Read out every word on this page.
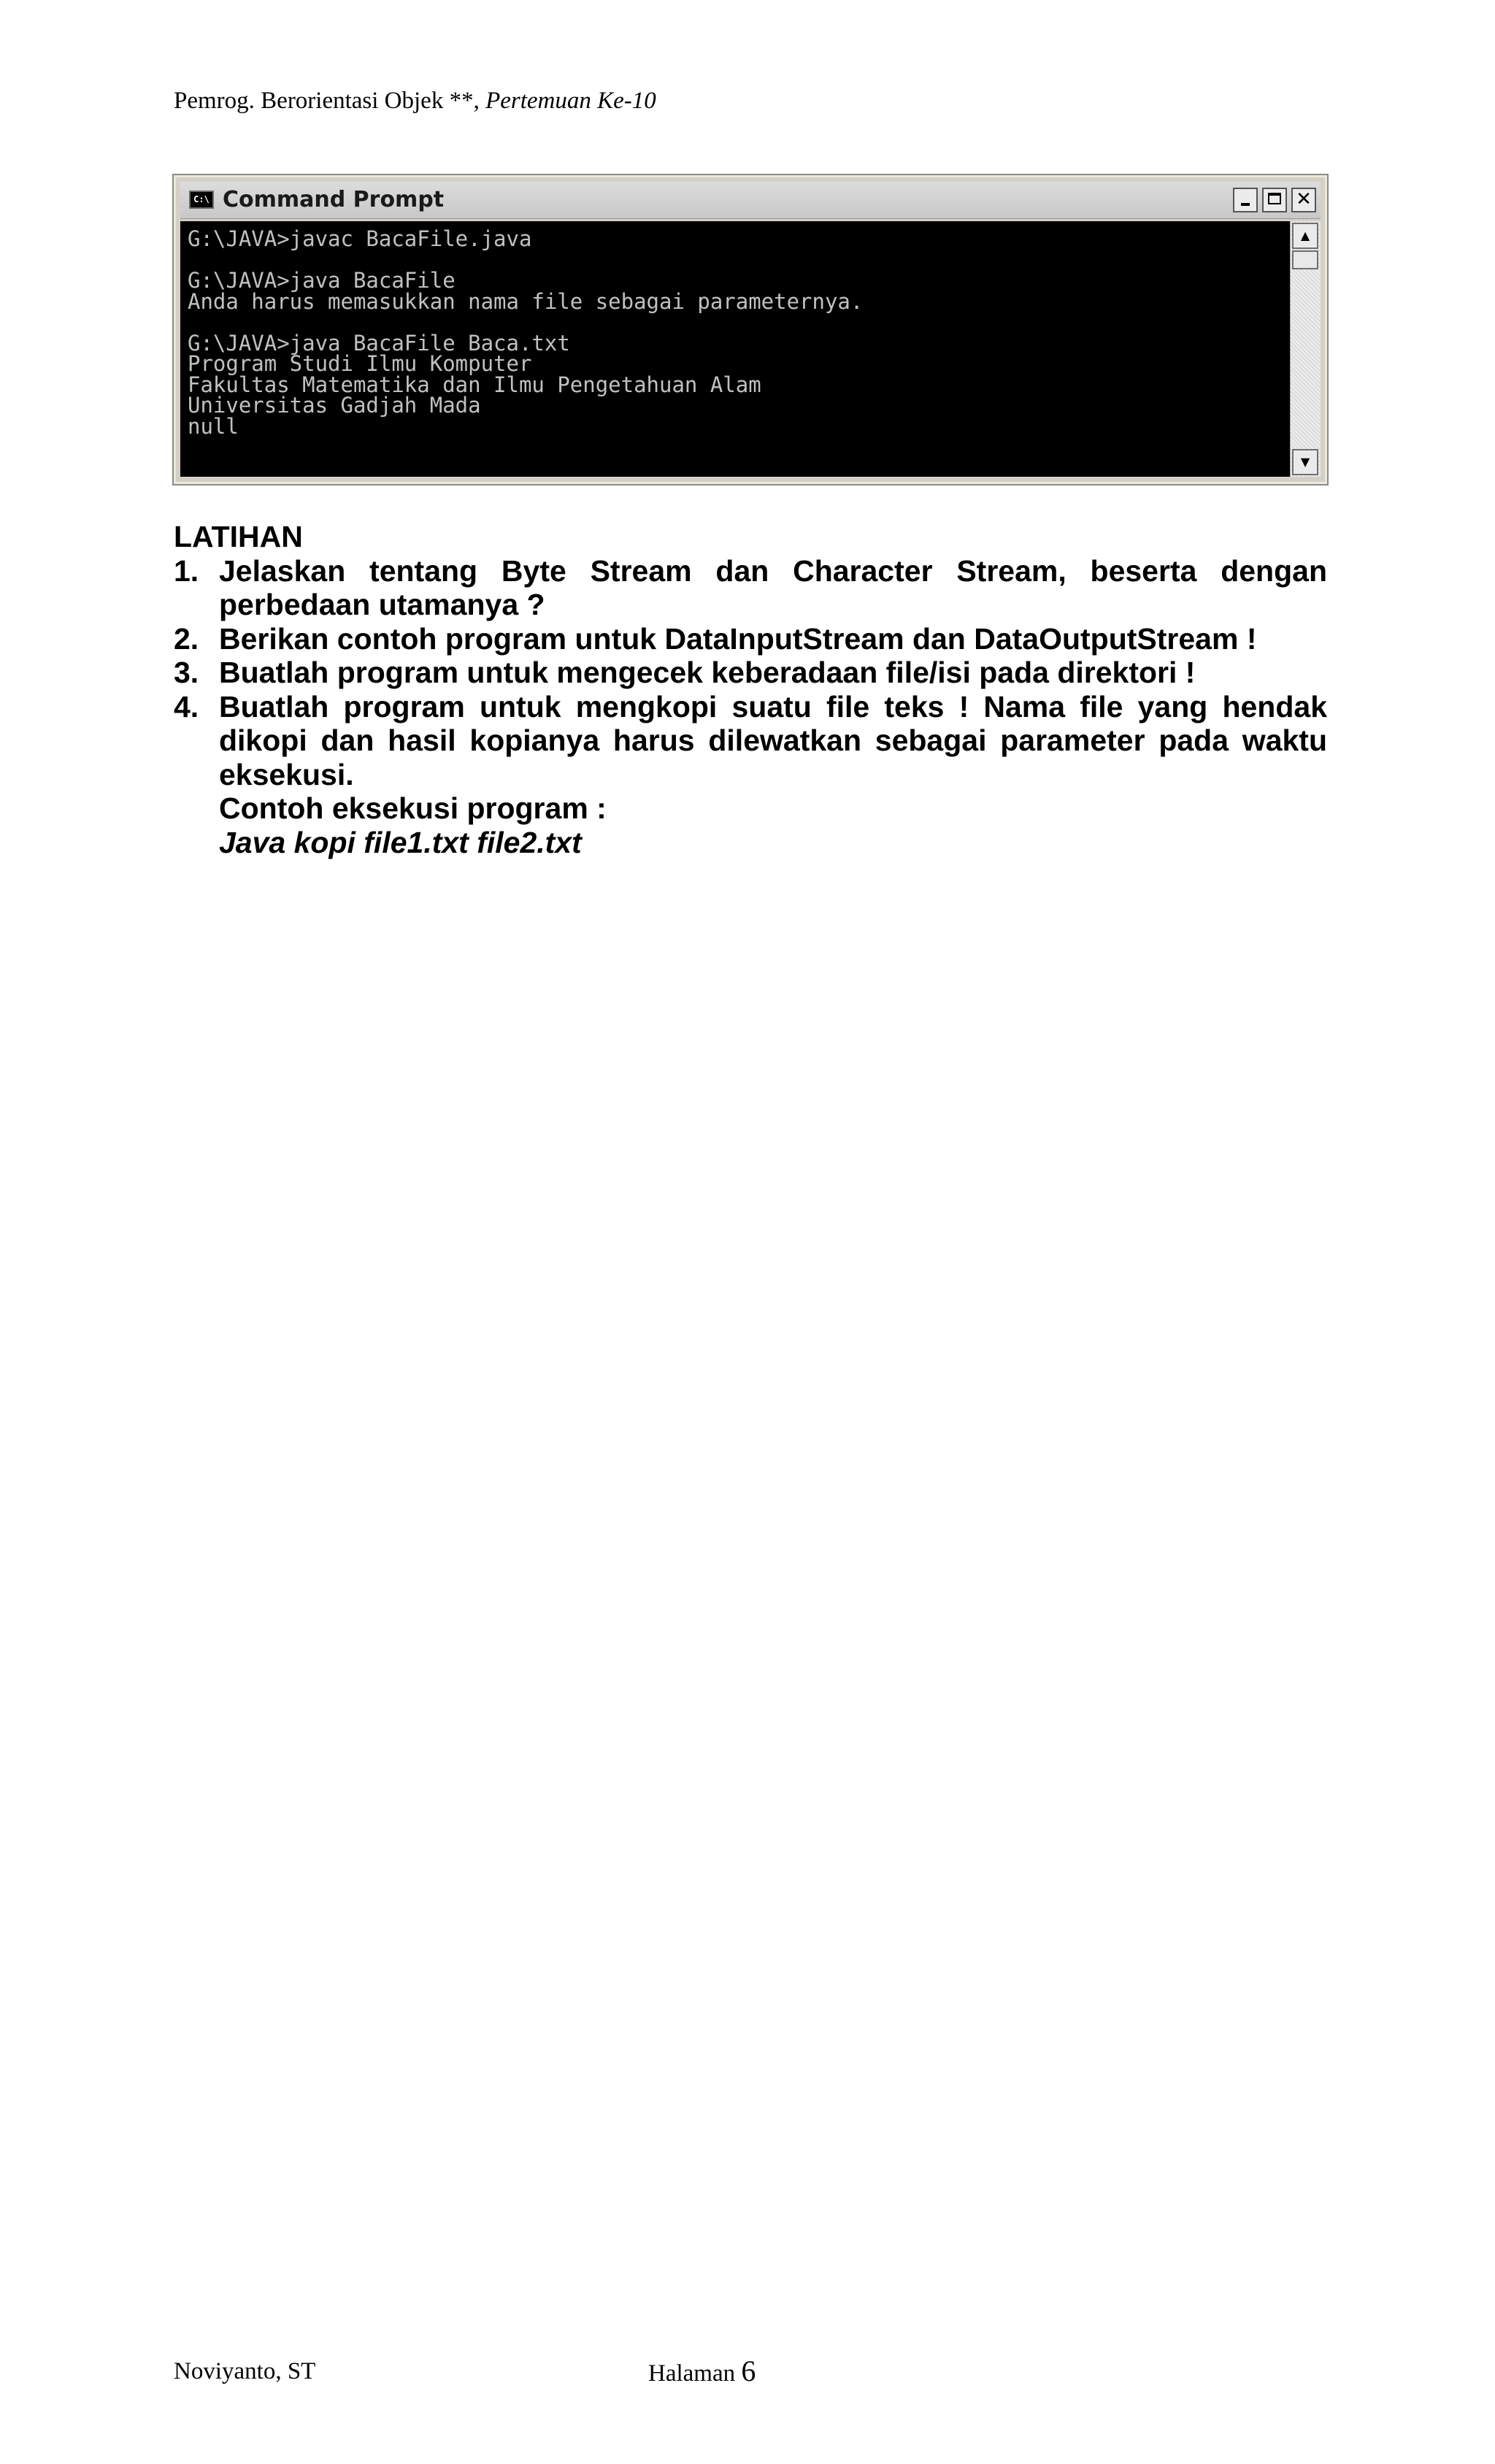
Pemrog. Berorientasi Objek **, Pertemuan Ke-10
C:\ Command Prompt	✕
G:\JAVA>javac BacaFile.java
G:\JAVA>java BacaFile
Anda harus memasukkan nama file sebagai parameternya.
G:\JAVA>java BacaFile Baca.txt
Program Studi Ilmu Komputer
Fakultas Matematika dan Ilmu Pengetahuan Alam
Universitas Gadjah Mada
null
▲
▼
LATIHAN
1. Jelaskan tentang Byte Stream dan Character Stream, beserta dengan perbedaan utamanya ?
2. Berikan contoh program untuk DataInputStream dan DataOutputStream !
3. Buatlah program untuk mengecek keberadaan file/isi pada direktori !
4. Buatlah program untuk mengkopi suatu file teks ! Nama file yang hendak dikopi dan hasil kopianya harus dilewatkan sebagai parameter pada waktu eksekusi.
Contoh eksekusi program :
Java kopi file1.txt file2.txt
Noviyanto, ST	Halaman 6
